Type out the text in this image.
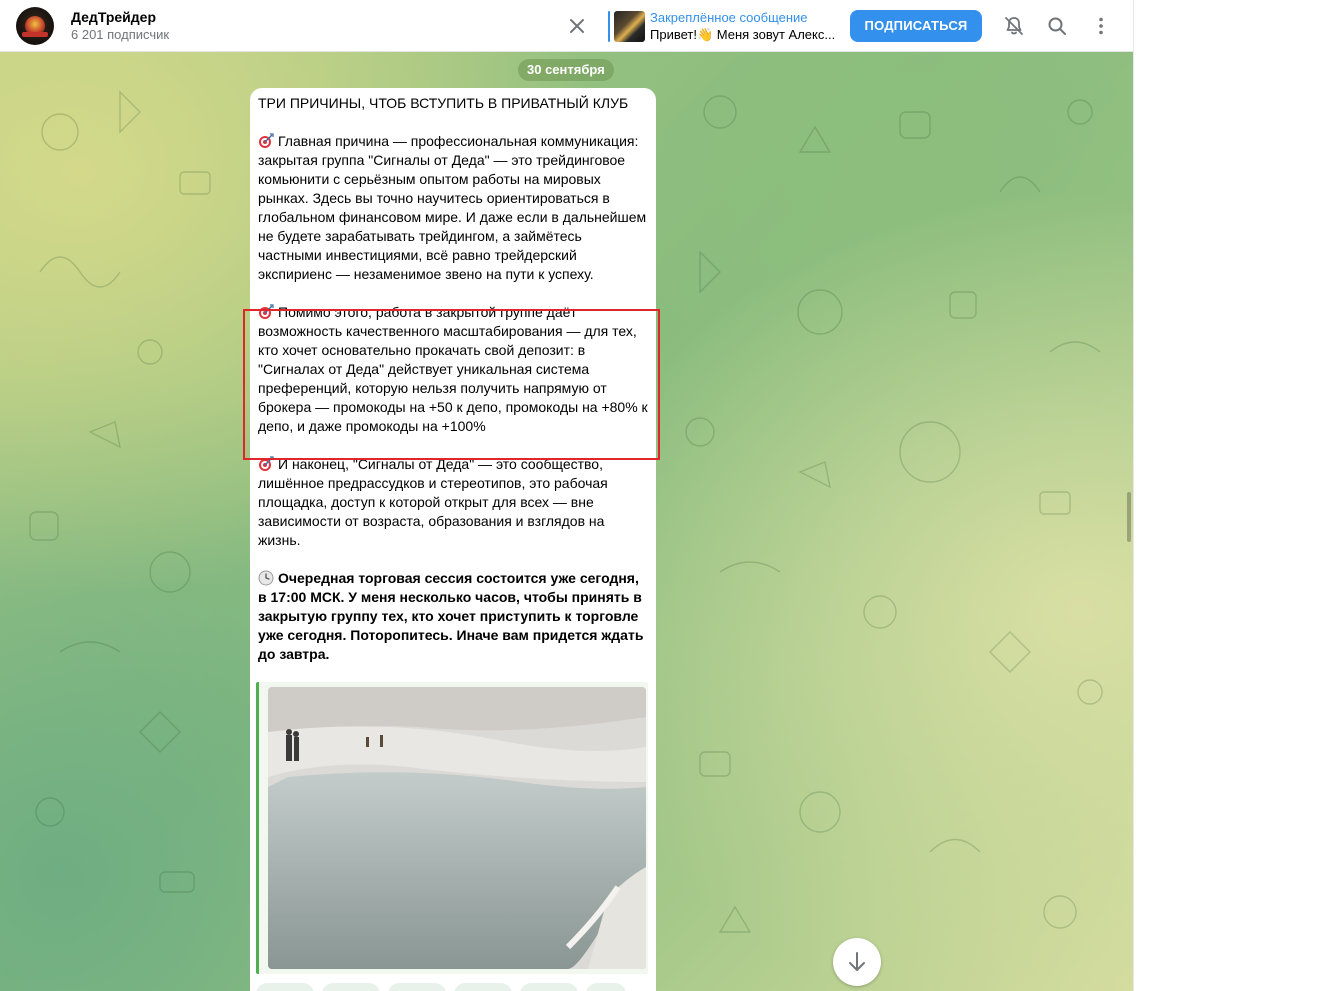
ДедТрейдер
6 201 подписчик
Закреплённое сообщение
Привет!👋 Меня зовут Алекс...
ПОДПИСАТЬСЯ
30 сентября

ТРИ ПРИЧИНЫ, ЧТОБ ВСТУПИТЬ В ПРИВАТНЫЙ КЛУБ

Главная причина — профессиональная коммуникация: закрытая группа "Сигналы от Деда" — это трейдинговое комьюнити с серьёзным опытом работы на мировых рынках. Здесь вы точно научитесь ориентироваться в глобальном финансовом мире. И даже если в дальнейшем не будете зарабатывать трейдингом, а займётесь частными инвестициями, всё равно трейдерский экспириенс — незаменимое звено на пути к успеху.

Помимо этого, работа в закрытой группе даёт возможность качественного масштабирования — для тех, кто хочет основательно прокачать свой депозит: в "Сигналах от Деда" действует уникальная система преференций, которую нельзя получить напрямую от брокера — промокоды на +50 к депо, промокоды на +80% к депо, и даже промокоды на +100%

И наконец, "Сигналы от Деда" — это сообщество, лишённое предрассудков и стереотипов, это рабочая площадка, доступ к которой открыт для всех — вне зависимости от возраста, образования и взглядов на жизнь.

Очередная торговая сессия состоится уже сегодня, в 17:00 МСК. У меня несколько часов, чтобы принять в закрытую группу тех, кто хочет приступить к торговле уже сегодня. Поторопитесь. Иначе вам придется ждать до завтра.
